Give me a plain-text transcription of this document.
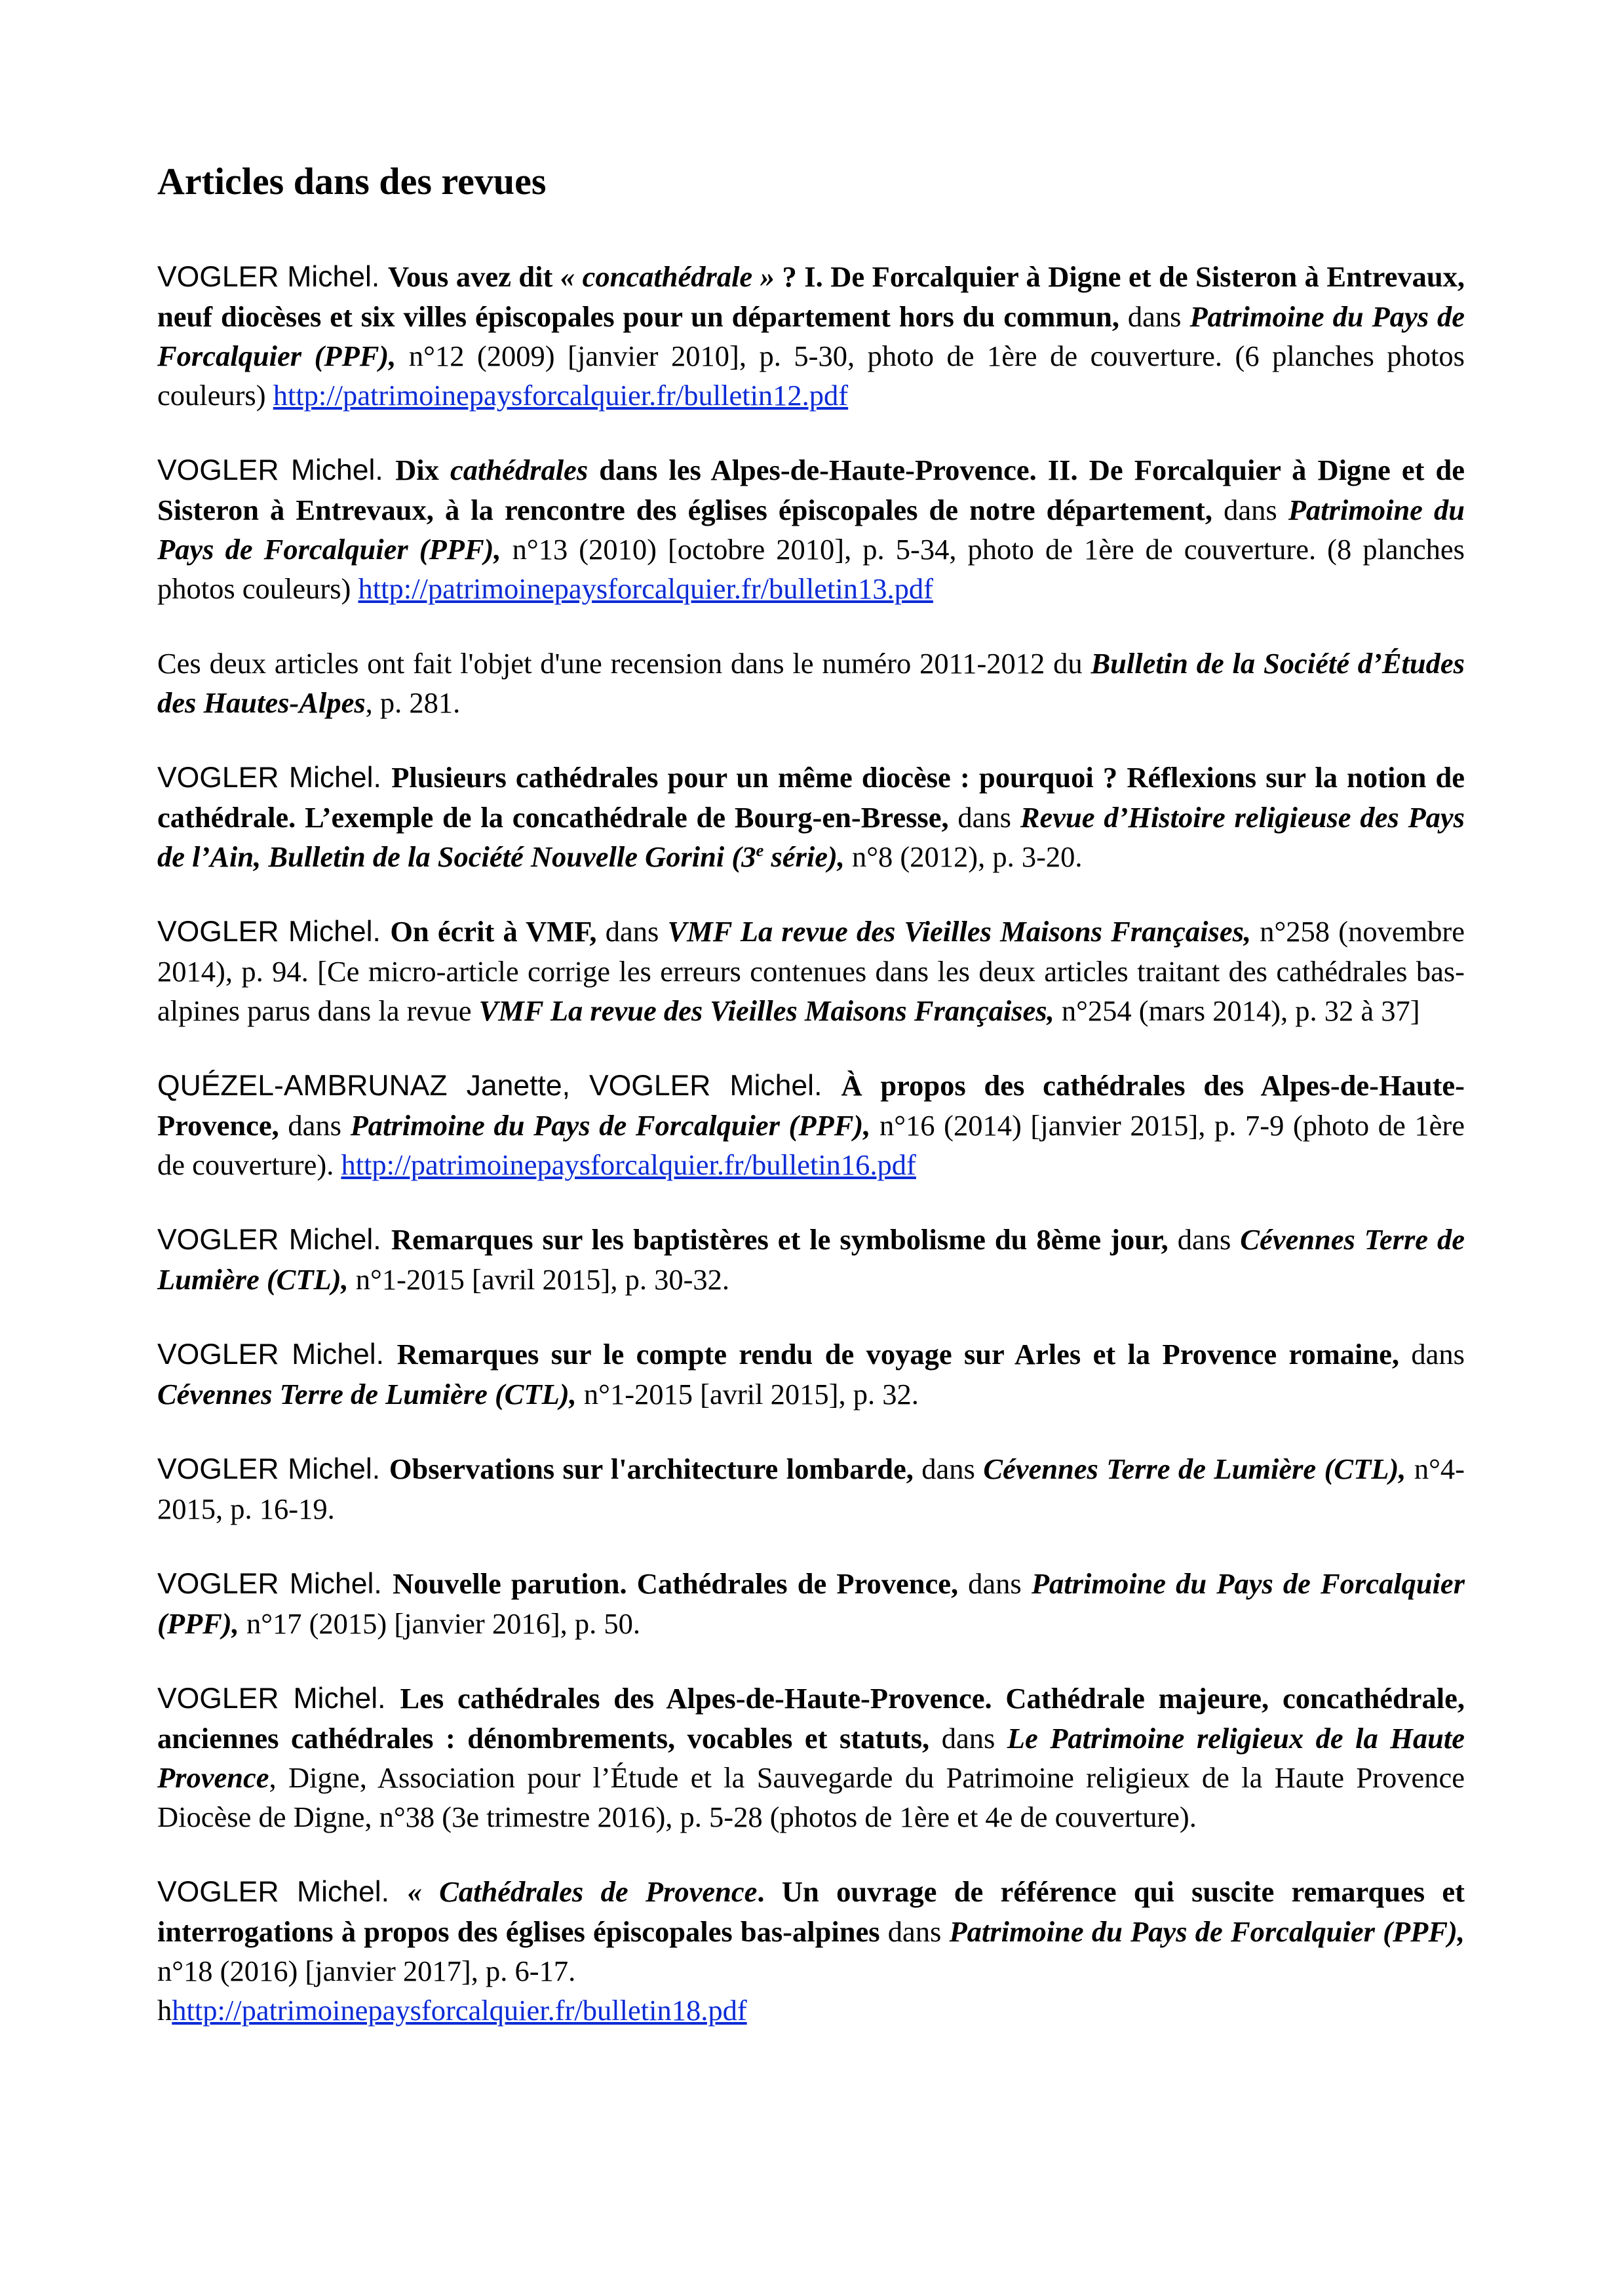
Articles dans des revues

VOGLER Michel. Vous avez dit « concathédrale » ? I. De Forcalquier à Digne et de Sisteron à Entrevaux, neuf diocèses et six villes épiscopales pour un département hors du commun, dans Patrimoine du Pays de Forcalquier (PPF), n°12 (2009) [janvier 2010], p. 5-30, photo de 1ère de couverture. (6 planches photos couleurs) http://patrimoinepaysforcalquier.fr/bulletin12.pdf

VOGLER Michel. Dix cathédrales dans les Alpes-de-Haute-Provence. II. De Forcalquier à Digne et de Sisteron à Entrevaux, à la rencontre des églises épiscopales de notre département, dans Patrimoine du Pays de Forcalquier (PPF), n°13 (2010) [octobre 2010], p. 5-34, photo de 1ère de couverture. (8 planches photos couleurs) http://patrimoinepaysforcalquier.fr/bulletin13.pdf

Ces deux articles ont fait l'objet d'une recension dans le numéro 2011-2012 du Bulletin de la Société d’Études des Hautes-Alpes, p. 281.

VOGLER Michel. Plusieurs cathédrales pour un même diocèse : pourquoi ? Réflexions sur la notion de cathédrale. L’exemple de la concathédrale de Bourg-en-Bresse, dans Revue d’Histoire religieuse des Pays de l’Ain, Bulletin de la Société Nouvelle Gorini (3e série), n°8 (2012), p. 3-20.

VOGLER Michel. On écrit à VMF, dans VMF La revue des Vieilles Maisons Françaises, n°258 (novembre 2014), p. 94. [Ce micro-article corrige les erreurs contenues dans les deux articles traitant des cathédrales bas-alpines parus dans la revue VMF La revue des Vieilles Maisons Françaises, n°254 (mars 2014), p. 32 à 37]

QUÉZEL-AMBRUNAZ Janette, VOGLER Michel. À propos des cathédrales des Alpes-de-Haute-Provence, dans Patrimoine du Pays de Forcalquier (PPF), n°16 (2014) [janvier 2015], p. 7-9 (photo de 1ère de couverture). http://patrimoinepaysforcalquier.fr/bulletin16.pdf

VOGLER Michel. Remarques sur les baptistères et le symbolisme du 8ème jour, dans Cévennes Terre de Lumière (CTL), n°1-2015 [avril 2015], p. 30-32.

VOGLER Michel. Remarques sur le compte rendu de voyage sur Arles et la Provence romaine, dans Cévennes Terre de Lumière (CTL), n°1-2015 [avril 2015], p. 32.

VOGLER Michel. Observations sur l'architecture lombarde, dans Cévennes Terre de Lumière (CTL), n°4-2015, p. 16-19.

VOGLER Michel. Nouvelle parution. Cathédrales de Provence, dans Patrimoine du Pays de Forcalquier (PPF), n°17 (2015) [janvier 2016], p. 50.

VOGLER Michel. Les cathédrales des Alpes-de-Haute-Provence. Cathédrale majeure, concathédrale, anciennes cathédrales : dénombrements, vocables et statuts, dans Le Patrimoine religieux de la Haute Provence, Digne, Association pour l’Étude et la Sauvegarde du Patrimoine religieux de la Haute Provence Diocèse de Digne, n°38 (3e trimestre 2016), p. 5-28 (photos de 1ère et 4e de couverture).

VOGLER Michel. « Cathédrales de Provence. Un ouvrage de référence qui suscite remarques et interrogations à propos des églises épiscopales bas-alpines dans Patrimoine du Pays de Forcalquier (PPF), n°18 (2016) [janvier 2017], p. 6-17.
hhttp://patrimoinepaysforcalquier.fr/bulletin18.pdf
